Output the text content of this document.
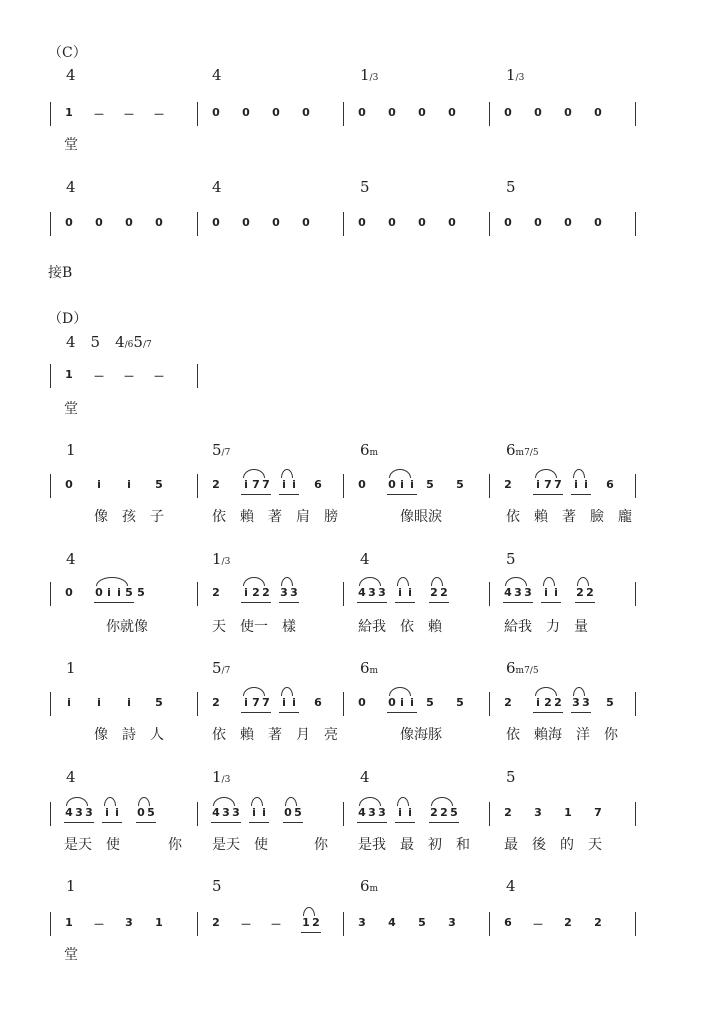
（C）
接B
（D）
4	4	1∕3	1∕3
堂
4	4	5	5
4　5　4∕65∕7
堂
1	5∕7	6m	6m7∕5
像　孩　子	依　賴　著　肩　膀	像眼淚	依　賴　著　臉　龐
4	1∕3	4	5
你就像	天　使一　樣	給我　依　賴	給我　力　量
1	5∕7	6m	6m7∕5
像　詩　人	依　賴　著　月　亮	像海豚	依　賴海　洋　你
4	1∕3	4	5
是天　使	你 是天　使	你 是我　最　初　和 最　後　的　天
1	5	6m	4
堂
1 － － －	0 0 0 0	0 0 0 0	0 0 0 0
0 0 0 0	0 0 0 0	0 0 0 0	0 0 0 0
1 － － －
0	i	i	5	2	i 7 7	i i	6	0 0 i i	5 5	2	i 7 7	i i	6
0 0 i i 5 5	2	i 2 2 3 3	4 3 3	i i	2 2	4 3 3	i i	2 2
i	i	i	5	2	i 7 7	i i	6	0 0 i i	5 5	2	i 2 2 3 3 5
4 3 3	i i	0 5	4 3 3	i i	0 5	4 3 3	i i	2 2 5	2 3 1 7
1 － 3 1	2 － － 1 2	3 4 5 3	6 － 2 2
